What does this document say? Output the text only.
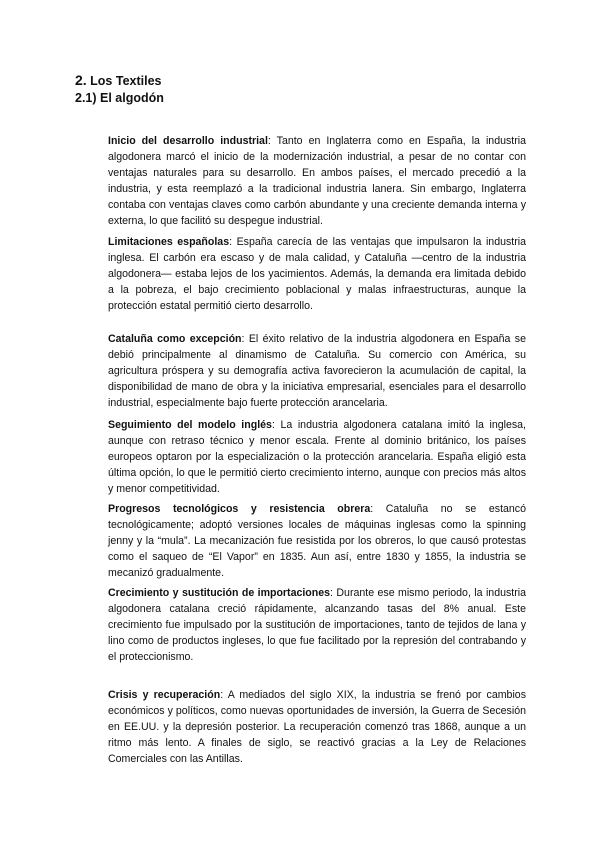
2. Los Textiles
2.1) El algodón

Inicio del desarrollo industrial: Tanto en Inglaterra como en España, la industria algodonera marcó el inicio de la modernización industrial, a pesar de no contar con ventajas naturales para su desarrollo. En ambos países, el mercado precedió a la industria, y esta reemplazó a la tradicional industria lanera. Sin embargo, Inglaterra contaba con ventajas claves como carbón abundante y una creciente demanda interna y externa, lo que facilitó su despegue industrial.

Limitaciones españolas: España carecía de las ventajas que impulsaron la industria inglesa. El carbón era escaso y de mala calidad, y Cataluña —centro de la industria algodonera— estaba lejos de los yacimientos. Además, la demanda era limitada debido a la pobreza, el bajo crecimiento poblacional y malas infraestructuras, aunque la protección estatal permitió cierto desarrollo.

Cataluña como excepción: El éxito relativo de la industria algodonera en España se debió principalmente al dinamismo de Cataluña. Su comercio con América, su agricultura próspera y su demografía activa favorecieron la acumulación de capital, la disponibilidad de mano de obra y la iniciativa empresarial, esenciales para el desarrollo industrial, especialmente bajo fuerte protección arancelaria.

Seguimiento del modelo inglés: La industria algodonera catalana imitó la inglesa, aunque con retraso técnico y menor escala. Frente al dominio británico, los países europeos optaron por la especialización o la protección arancelaria. España eligió esta última opción, lo que le permitió cierto crecimiento interno, aunque con precios más altos y menor competitividad.

Progresos tecnológicos y resistencia obrera: Cataluña no se estancó tecnológicamente; adoptó versiones locales de máquinas inglesas como la spinning jenny y la “mula”. La mecanización fue resistida por los obreros, lo que causó protestas como el saqueo de “El Vapor” en 1835. Aun así, entre 1830 y 1855, la industria se mecanizó gradualmente.

Crecimiento y sustitución de importaciones: Durante ese mismo periodo, la industria algodonera catalana creció rápidamente, alcanzando tasas del 8% anual. Este crecimiento fue impulsado por la sustitución de importaciones, tanto de tejidos de lana y lino como de productos ingleses, lo que fue facilitado por la represión del contrabando y el proteccionismo.

Crisis y recuperación: A mediados del siglo XIX, la industria se frenó por cambios económicos y políticos, como nuevas oportunidades de inversión, la Guerra de Secesión en EE.UU. y la depresión posterior. La recuperación comenzó tras 1868, aunque a un ritmo más lento. A finales de siglo, se reactivó gracias a la Ley de Relaciones Comerciales con las Antillas.
